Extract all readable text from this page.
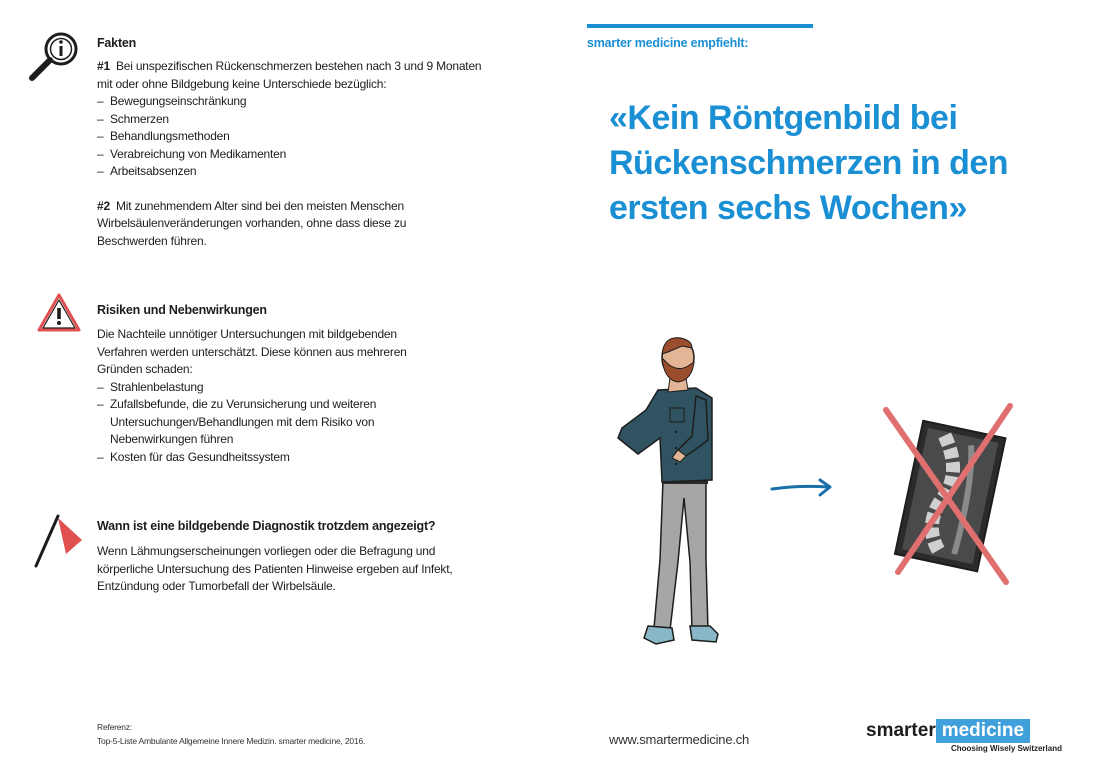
Fakten
#1 Bei unspezifischen Rückenschmerzen bestehen nach 3 und 9 Monaten mit oder ohne Bildgebung keine Unterschiede bezüglich:
– Bewegungseinschränkung
– Schmerzen
– Behandlungsmethoden
– Verabreichung von Medikamenten
– Arbeitsabsenzen
#2 Mit zunehmendem Alter sind bei den meisten Menschen Wirbelsäulenveränderungen vorhanden, ohne dass diese zu Beschwerden führen.
Risiken und Nebenwirkungen
Die Nachteile unnötiger Untersuchungen mit bildgebenden Verfahren werden unterschätzt. Diese können aus mehreren Gründen schaden:
– Strahlenbelastung
– Zufallsbefunde, die zu Verunsicherung und weiteren Untersuchungen/Behandlungen mit dem Risiko von Nebenwirkungen führen
– Kosten für das Gesundheitssystem
Wann ist eine bildgebende Diagnostik trotzdem angezeigt?
Wenn Lähmungserscheinungen vorliegen oder die Befragung und körperliche Untersuchung des Patienten Hinweise ergeben auf Infekt, Entzündung oder Tumorbefall der Wirbelsäule.
Referenz:
Top-5-Liste Ambulante Allgemeine Innere Medizin. smarter medicine, 2016.
smarter medicine empfiehlt:
«Kein Röntgenbild bei Rückenschmerzen in den ersten sechs Wochen»
www.smartermedicine.ch	smarter medicine
Choosing Wisely Switzerland
